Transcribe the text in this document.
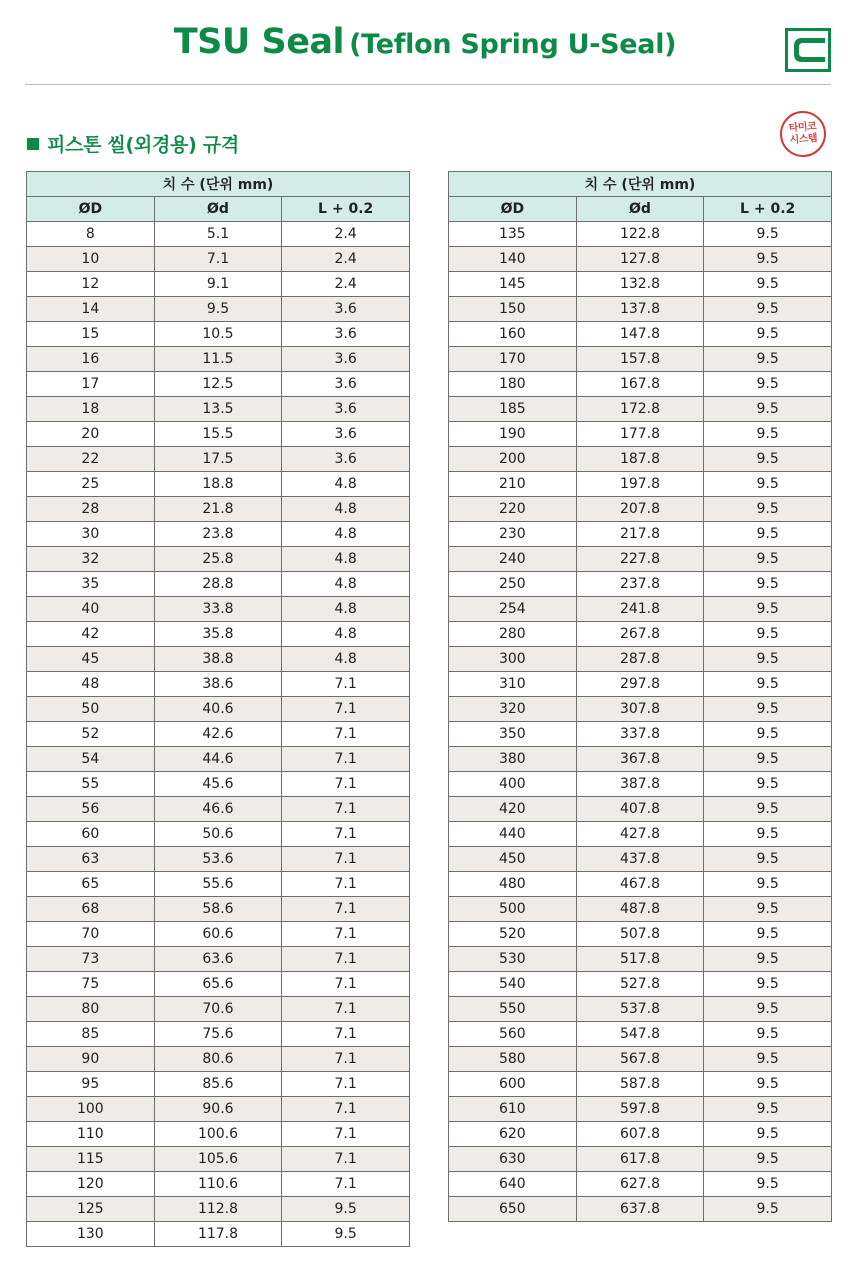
TSU Seal (Teflon Spring U-Seal)
피스톤 씰(외경용) 규격
타미코
시스템
치 수 (단위 mm)		
ØD	Ød	L + 0.2
8	5.1	2.4
10	7.1	2.4
12	9.1	2.4
14	9.5	3.6
15	10.5	3.6
16	11.5	3.6
17	12.5	3.6
18	13.5	3.6
20	15.5	3.6
22	17.5	3.6
25	18.8	4.8
28	21.8	4.8
30	23.8	4.8
32	25.8	4.8
35	28.8	4.8
40	33.8	4.8
42	35.8	4.8
45	38.8	4.8
48	38.6	7.1
50	40.6	7.1
52	42.6	7.1
54	44.6	7.1
55	45.6	7.1
56	46.6	7.1
60	50.6	7.1
63	53.6	7.1
65	55.6	7.1
68	58.6	7.1
70	60.6	7.1
73	63.6	7.1
75	65.6	7.1
80	70.6	7.1
85	75.6	7.1
90	80.6	7.1
95	85.6	7.1
100	90.6	7.1
110	100.6	7.1
115	105.6	7.1
120	110.6	7.1
125	112.8	9.5
130	117.8	9.5
치 수 (단위 mm)		
ØD	Ød	L + 0.2
135	122.8	9.5
140	127.8	9.5
145	132.8	9.5
150	137.8	9.5
160	147.8	9.5
170	157.8	9.5
180	167.8	9.5
185	172.8	9.5
190	177.8	9.5
200	187.8	9.5
210	197.8	9.5
220	207.8	9.5
230	217.8	9.5
240	227.8	9.5
250	237.8	9.5
254	241.8	9.5
280	267.8	9.5
300	287.8	9.5
310	297.8	9.5
320	307.8	9.5
350	337.8	9.5
380	367.8	9.5
400	387.8	9.5
420	407.8	9.5
440	427.8	9.5
450	437.8	9.5
480	467.8	9.5
500	487.8	9.5
520	507.8	9.5
530	517.8	9.5
540	527.8	9.5
550	537.8	9.5
560	547.8	9.5
580	567.8	9.5
600	587.8	9.5
610	597.8	9.5
620	607.8	9.5
630	617.8	9.5
640	627.8	9.5
650	637.8	9.5
